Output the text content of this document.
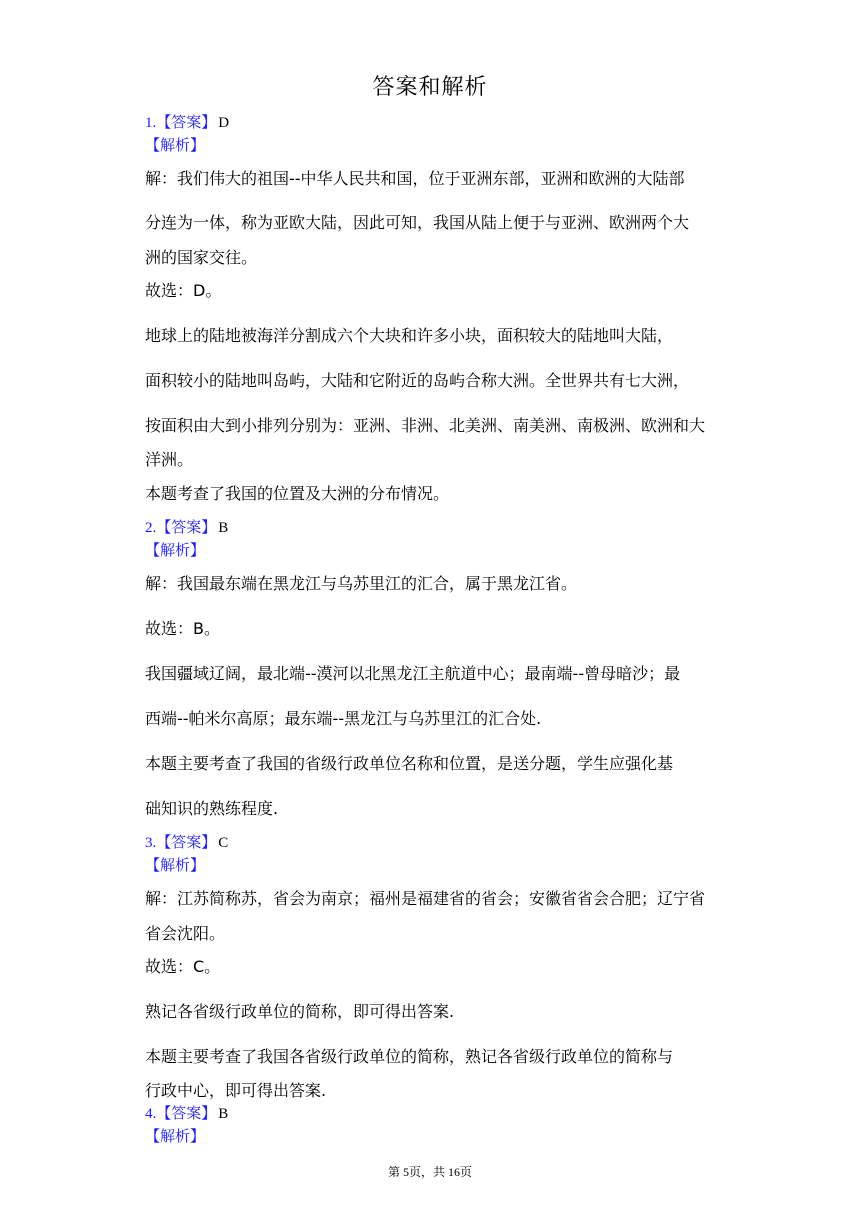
答案和解析
1.【答案】 D
【解析】
解：我们伟大的祖国--中华人民共和国，位于亚洲东部，亚洲和欧洲的大陆部
分连为一体，称为亚欧大陆，因此可知，我国从陆上便于与亚洲、欧洲两个大
洲的国家交往。
故选：D。
地球上的陆地被海洋分割成六个大块和许多小块，面积较大的陆地叫大陆，
面积较小的陆地叫岛屿，大陆和它附近的岛屿合称大洲。全世界共有七大洲，
按面积由大到小排列分别为：亚洲、非洲、北美洲、南美洲、南极洲、欧洲和大
洋洲。
本题考查了我国的位置及大洲的分布情况。
2.【答案】 B
【解析】
解：我国最东端在黑龙江与乌苏里江的汇合，属于黑龙江省。
故选：B。
我国疆域辽阔，最北端--漠河以北黑龙江主航道中心；最南端--曾母暗沙；最
西端--帕米尔高原；最东端--黑龙江与乌苏里江的汇合处.
本题主要考查了我国的省级行政单位名称和位置，是送分题，学生应强化基
础知识的熟练程度.
3.【答案】 C
【解析】
解：江苏简称苏，省会为南京；福州是福建省的省会；安徽省省会合肥；辽宁省
省会沈阳。
故选：C。
熟记各省级行政单位的简称，即可得出答案.
本题主要考查了我国各省级行政单位的简称，熟记各省级行政单位的简称与
行政中心，即可得出答案.
4.【答案】 B
【解析】
第 5页，共 16页
